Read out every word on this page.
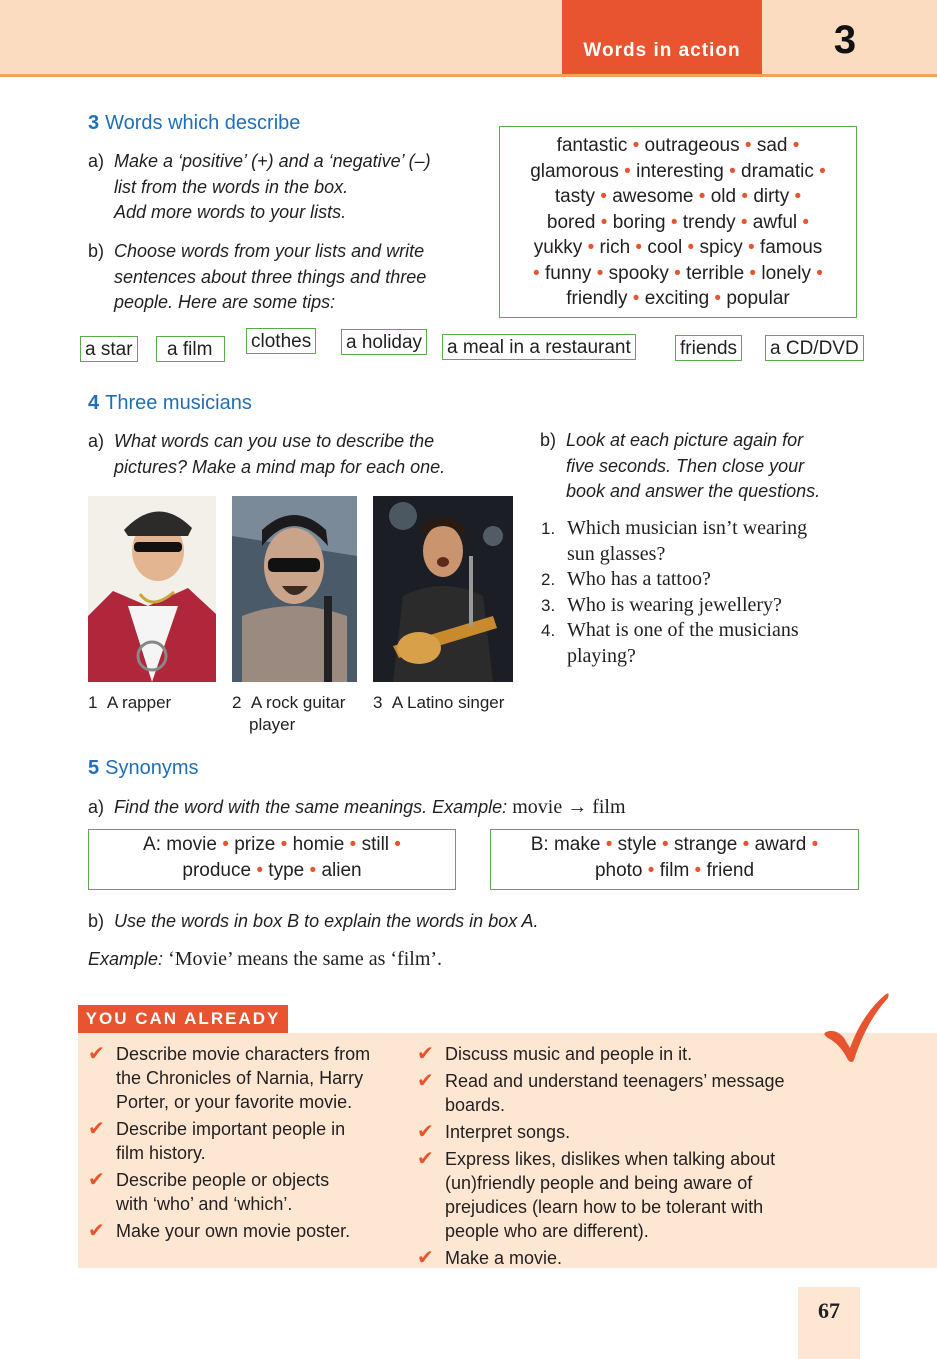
Words in action	3
3 Words which describe
a) Make a ‘positive’ (+) and a ‘negative’ (–)
list from the words in the box.
Add more words to your lists.
b) Choose words from your lists and write
sentences about three things and three
people. Here are some tips:
fantastic • outrageous • sad •
glamorous • interesting • dramatic •
tasty • awesome • old • dirty •
bored • boring • trendy • awful •
yukky • rich • cool • spicy • famous
• funny • spooky • terrible • lonely •
friendly • exciting • popular
a star	a film	clothes a holiday a meal in a restaurant	friends a CD/DVD
4 Three musicians
a) What words can you use to describe the
pictures? Make a mind map for each one.
b) Look at each picture again for
five seconds. Then close your
book and answer the questions.
1 A rapper	2 A rock guitar
player
3 A Latino singer
1. Which musician isn’t wearing
sun glasses?
2. Who has a tattoo?
3. Who is wearing jewellery?
4. What is one of the musicians
playing?
5 Synonyms
a) Find the word with the same meanings. Example: movie → film
A: movie • prize • homie • still •
produce • type • alien
B: make • style • strange • award •
photo • film • friend
b) Use the words in box B to explain the words in box A.
Example: ‘Movie’ means the same as ‘film’.
YOU CAN ALREADY
✔ Describe movie characters from
the Chronicles of Narnia, Harry
Porter, or your favorite movie.
✔ Describe important people in
film history.
✔ Describe people or objects
with ‘who’ and ‘which’.
✔ Make your own movie poster.
✔ Discuss music and people in it.
✔ Read and understand teenagers’ message
boards.
✔ Interpret songs.
✔ Express likes, dislikes when talking about
(un)friendly people and being aware of
prejudices (learn how to be tolerant with
people who are different).
✔ Make a movie.
67
